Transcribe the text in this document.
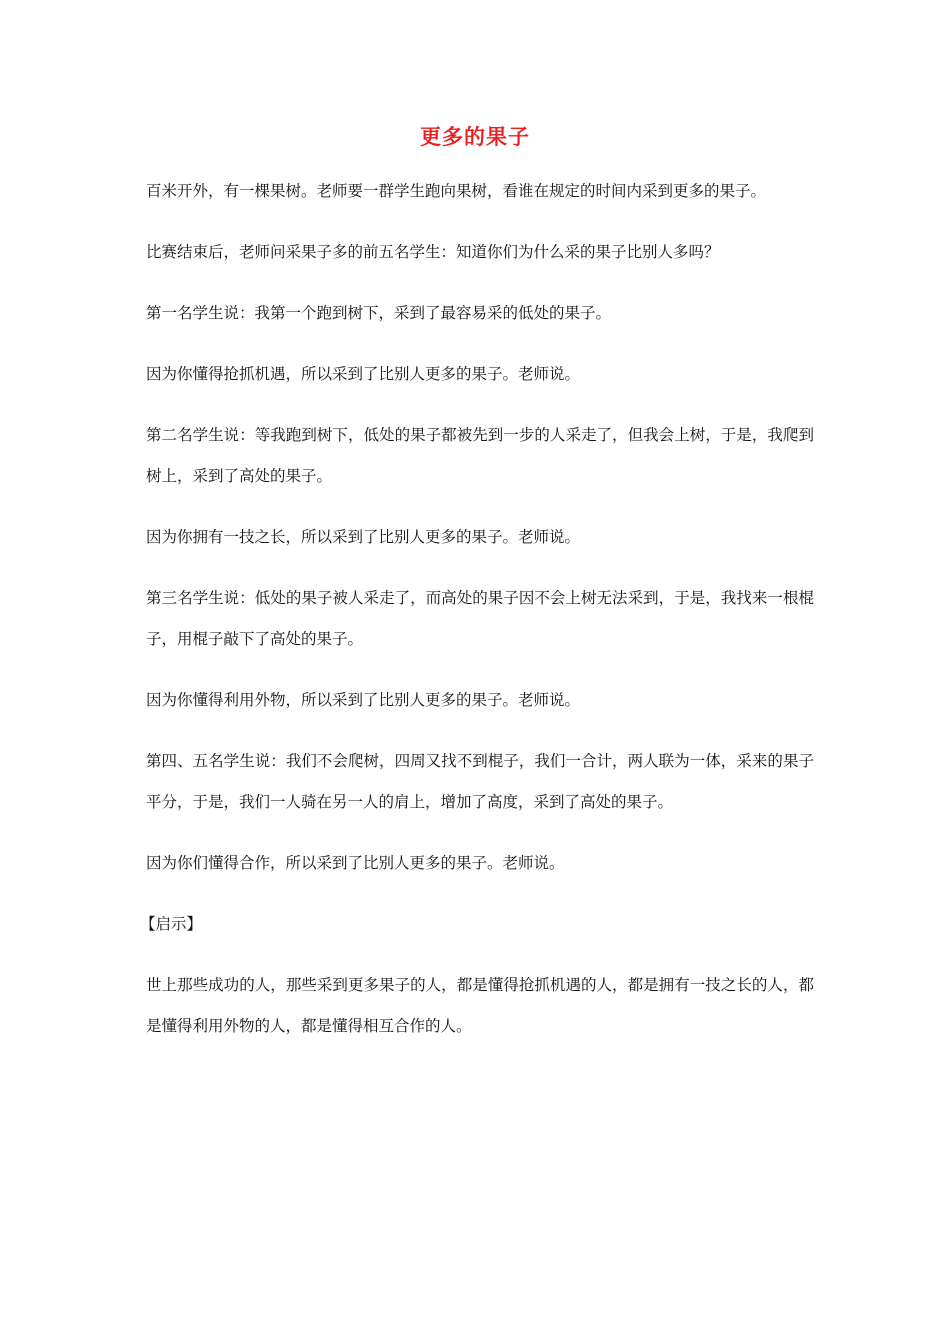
更多的果子

百米开外，有一棵果树。老师要一群学生跑向果树，看谁在规定的时间内采到更多的果子。

比赛结束后，老师问采果子多的前五名学生：知道你们为什么采的果子比别人多吗？

第一名学生说：我第一个跑到树下，采到了最容易采的低处的果子。

因为你懂得抢抓机遇，所以采到了比别人更多的果子。老师说。

第二名学生说：等我跑到树下，低处的果子都被先到一步的人采走了，但我会上树，于是，我爬到树上，采到了高处的果子。

因为你拥有一技之长，所以采到了比别人更多的果子。老师说。

第三名学生说：低处的果子被人采走了，而高处的果子因不会上树无法采到，于是，我找来一根棍子，用棍子敲下了高处的果子。

因为你懂得利用外物，所以采到了比别人更多的果子。老师说。

第四、五名学生说：我们不会爬树，四周又找不到棍子，我们一合计，两人联为一体，采来的果子平分，于是，我们一人骑在另一人的肩上，增加了高度，采到了高处的果子。

因为你们懂得合作，所以采到了比别人更多的果子。老师说。

【启示】

世上那些成功的人，那些采到更多果子的人，都是懂得抢抓机遇的人，都是拥有一技之长的人，都是懂得利用外物的人，都是懂得相互合作的人。
